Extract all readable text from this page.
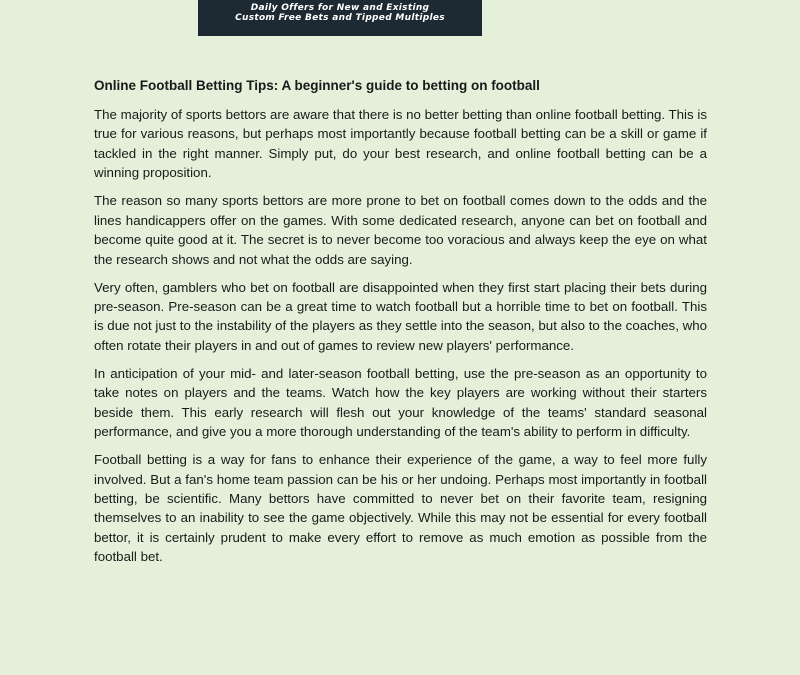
Daily Offers for New and Existing
Custom Free Bets and Tipped Multiples
Online Football Betting Tips: A beginner's guide to betting on football

The majority of sports bettors are aware that there is no better betting than online football betting. This is true for various reasons, but perhaps most importantly because football betting can be a skill or game if tackled in the right manner. Simply put, do your best research, and online football betting can be a winning proposition.

The reason so many sports bettors are more prone to bet on football comes down to the odds and the lines handicappers offer on the games. With some dedicated research, anyone can bet on football and become quite good at it. The secret is to never become too voracious and always keep the eye on what the research shows and not what the odds are saying.

Very often, gamblers who bet on football are disappointed when they first start placing their bets during pre-season. Pre-season can be a great time to watch football but a horrible time to bet on football. This is due not just to the instability of the players as they settle into the season, but also to the coaches, who often rotate their players in and out of games to review new players' performance.

In anticipation of your mid- and later-season football betting, use the pre-season as an opportunity to take notes on players and the teams. Watch how the key players are working without their starters beside them. This early research will flesh out your knowledge of the teams' standard seasonal performance, and give you a more thorough understanding of the team's ability to perform in difficulty.

Football betting is a way for fans to enhance their experience of the game, a way to feel more fully involved. But a fan's home team passion can be his or her undoing. Perhaps most importantly in football betting, be scientific. Many bettors have committed to never bet on their favorite team, resigning themselves to an inability to see the game objectively. While this may not be essential for every football bettor, it is certainly prudent to make every effort to remove as much emotion as possible from the football bet.
